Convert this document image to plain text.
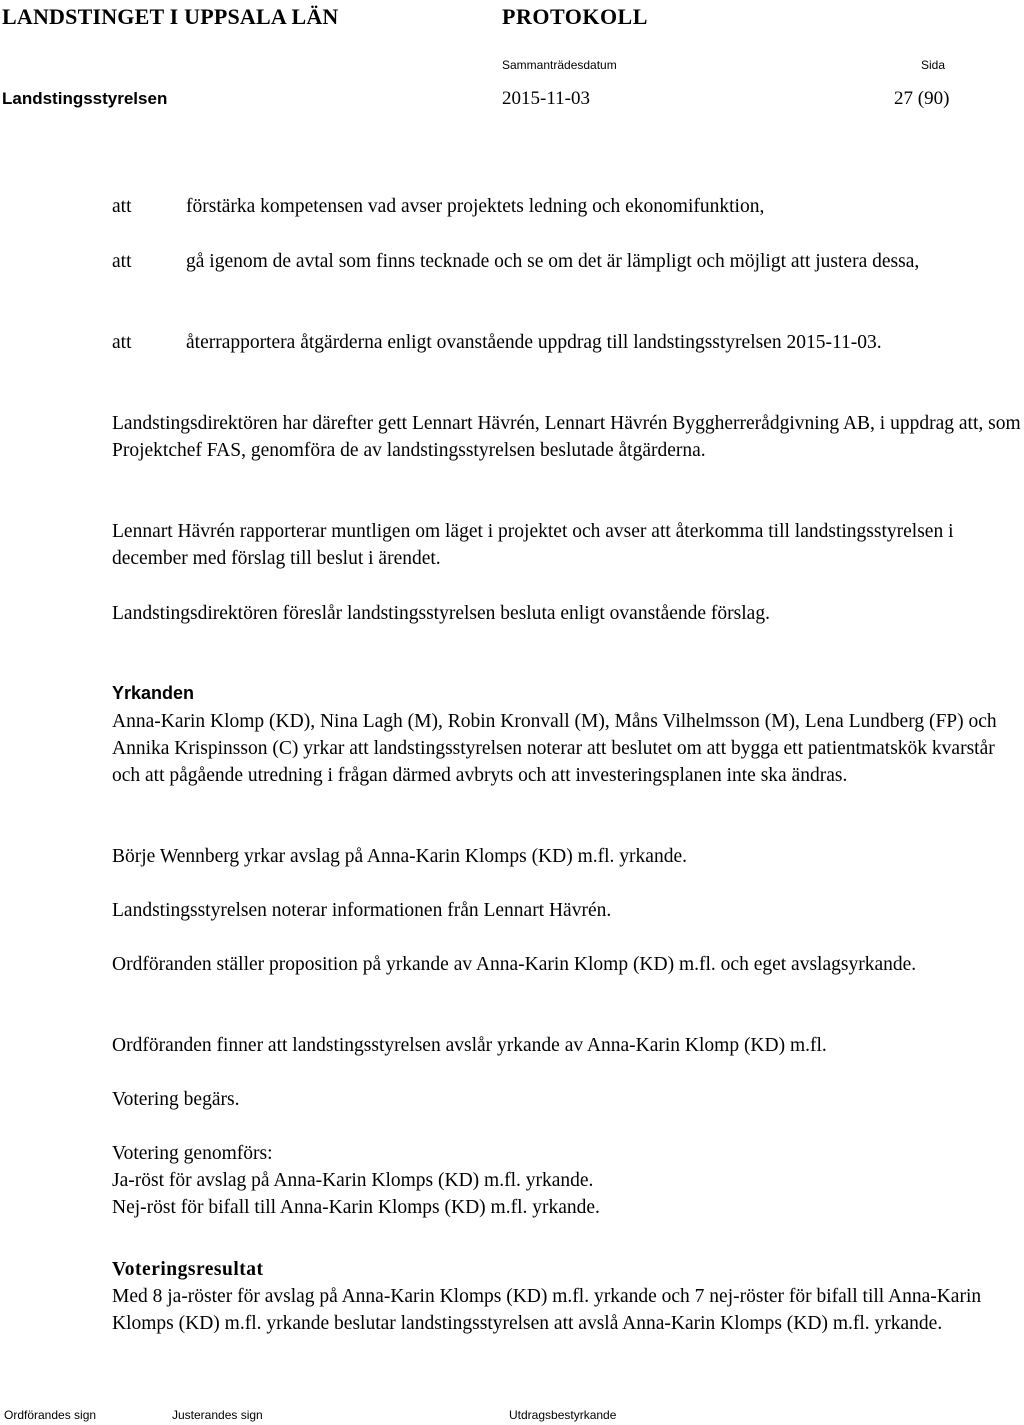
LANDSTINGET I UPPSALA LÄN	PROTOKOLL
Sammanträdesdatum	Sida
Landstingsstyrelsen	2015-11-03	27 (90)
att	förstärka kompetensen vad avser projektets ledning och ekonomifunktion,
att	gå igenom de avtal som finns tecknade och se om det är lämpligt och möjligt att justera dessa,
att	återrapportera åtgärderna enligt ovanstående uppdrag till landstingsstyrelsen 2015-11-03.
Landstingsdirektören har därefter gett Lennart Hävrén, Lennart Hävrén Byggherrerådgivning AB, i uppdrag att, som Projektchef FAS, genomföra de av landstingsstyrelsen beslutade åtgärderna.
Lennart Hävrén rapporterar muntligen om läget i projektet och avser att återkomma till landstingsstyrelsen i december med förslag till beslut i ärendet.
Landstingsdirektören föreslår landstingsstyrelsen besluta enligt ovanstående förslag.
Yrkanden
Anna-Karin Klomp (KD), Nina Lagh (M), Robin Kronvall (M), Måns Vilhelmsson (M), Lena Lundberg (FP) och Annika Krispinsson (C) yrkar att landstingsstyrelsen noterar att beslutet om att bygga ett patientmatskök kvarstår och att pågående utredning i frågan därmed avbryts och att investeringsplanen inte ska ändras.
Börje Wennberg yrkar avslag på Anna-Karin Klomps (KD) m.fl. yrkande.
Landstingsstyrelsen noterar informationen från Lennart Hävrén.
Ordföranden ställer proposition på yrkande av Anna-Karin Klomp (KD) m.fl. och eget avslagsyrkande.
Ordföranden finner att landstingsstyrelsen avslår yrkande av Anna-Karin Klomp (KD) m.fl.
Votering begärs.
Votering genomförs:
Ja-röst för avslag på Anna-Karin Klomps (KD) m.fl. yrkande.
Nej-röst för bifall till Anna-Karin Klomps (KD) m.fl. yrkande.
Voteringsresultat
Med 8 ja-röster för avslag på Anna-Karin Klomps (KD) m.fl. yrkande och 7 nej-röster för bifall till Anna-Karin Klomps (KD) m.fl. yrkande beslutar landstingsstyrelsen att avslå Anna-Karin Klomps (KD) m.fl. yrkande.
Ordförandes sign	Justerandes sign	Utdragsbestyrkande
